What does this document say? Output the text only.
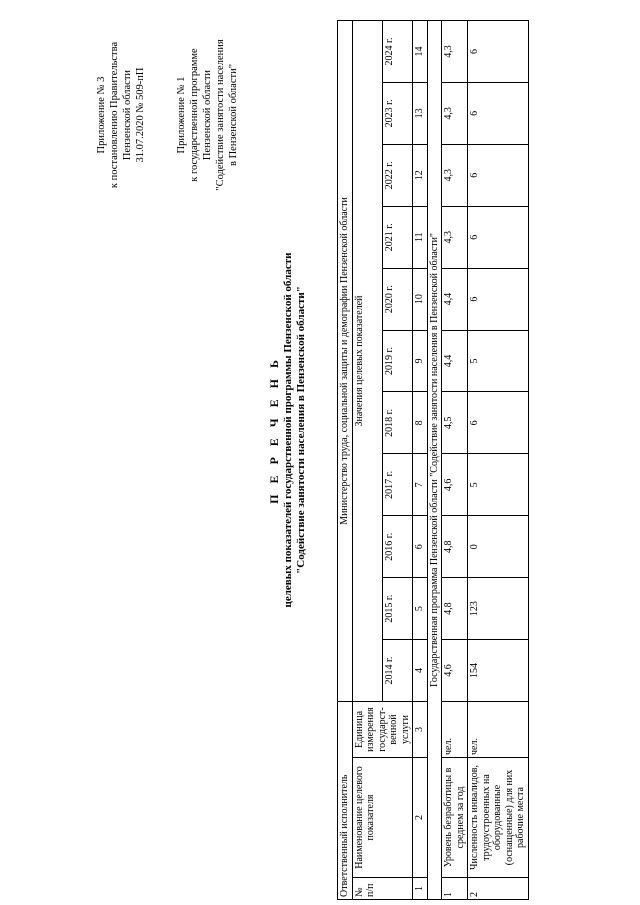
Приложение № 3 к постановлению Правительства Пензенской области 31.07.2020 № 509-пП	Приложение № 1 к государственной программе Пензенской области "Содействие занятости населения в Пензенской области"
П Е Р Е Ч Е Н Ь целевых показателей государственной программы Пензенской области "Содействие занятости населения в Пензенской области"
Ответственный исполнитель			Министерство труда, социальной защиты и демографии Пензенской области										
№ п/п	Наименование целевого показателя	Единица измерения государст-венной услуги	Значения целевых показателей										
			2014 г.	2015 г.	2016 г.	2017 г.	2018 г.	2019 г.	2020 г.	2021 г.	2022 г.	2023 г.	2024 г.
1	2	3	4	5	6	7	8	9	10	11	12	13	14
Государственная программа Пензенской области "Содействие занятости населения в Пензенской области"													
1	Уровень безработицы в среднем за год	чел.	4,6	4,8	4,8	4,6	4,5	4,4	4,4	4,3	4,3	4,3	4,3
2	Численность инвалидов, трудоустроенных на оборудованные (оснащенные) для них рабочие места	чел.	154	123	0	5	6	5	6	6	6	6	6
